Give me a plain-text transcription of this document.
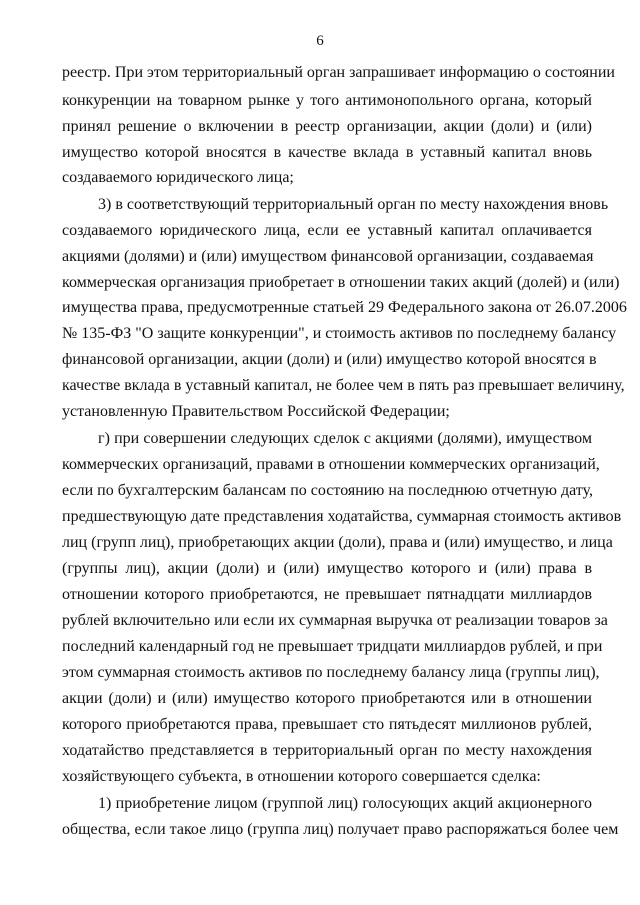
6
реестр. При этом территориальный орган запрашивает информацию о состоянии
конкуренции на товарном рынке у того антимонопольного органа, который
принял решение о включении в реестр организации, акции (доли) и (или)
имущество которой вносятся в качестве вклада в уставный капитал вновь
создаваемого юридического лица;
3) в соответствующий территориальный орган по месту нахождения вновь
создаваемого юридического лица, если ее уставный капитал оплачивается
акциями (долями) и (или) имуществом финансовой организации, создаваемая
коммерческая организация приобретает в отношении таких акций (долей) и (или)
имущества права, предусмотренные статьей 29 Федерального закона от 26.07.2006
№ 135-ФЗ "О защите конкуренции", и стоимость активов по последнему балансу
финансовой организации, акции (доли) и (или) имущество которой вносятся в
качестве вклада в уставный капитал, не более чем в пять раз превышает величину,
установленную Правительством Российской Федерации;
г) при совершении следующих сделок с акциями (долями), имуществом
коммерческих организаций, правами в отношении коммерческих организаций,
если по бухгалтерским балансам по состоянию на последнюю отчетную дату,
предшествующую дате представления ходатайства, суммарная стоимость активов
лиц (групп лиц), приобретающих акции (доли), права и (или) имущество, и лица
(группы лиц), акции (доли) и (или) имущество которого и (или) права в
отношении которого приобретаются, не превышает пятнадцати миллиардов
рублей включительно или если их суммарная выручка от реализации товаров за
последний календарный год не превышает тридцати миллиардов рублей, и при
этом суммарная стоимость активов по последнему балансу лица (группы лиц),
акции (доли) и (или) имущество которого приобретаются или в отношении
которого приобретаются права, превышает сто пятьдесят миллионов рублей,
ходатайство представляется в территориальный орган по месту нахождения
хозяйствующего субъекта, в отношении которого совершается сделка:
1) приобретение лицом (группой лиц) голосующих акций акционерного
общества, если такое лицо (группа лиц) получает право распоряжаться более чем
